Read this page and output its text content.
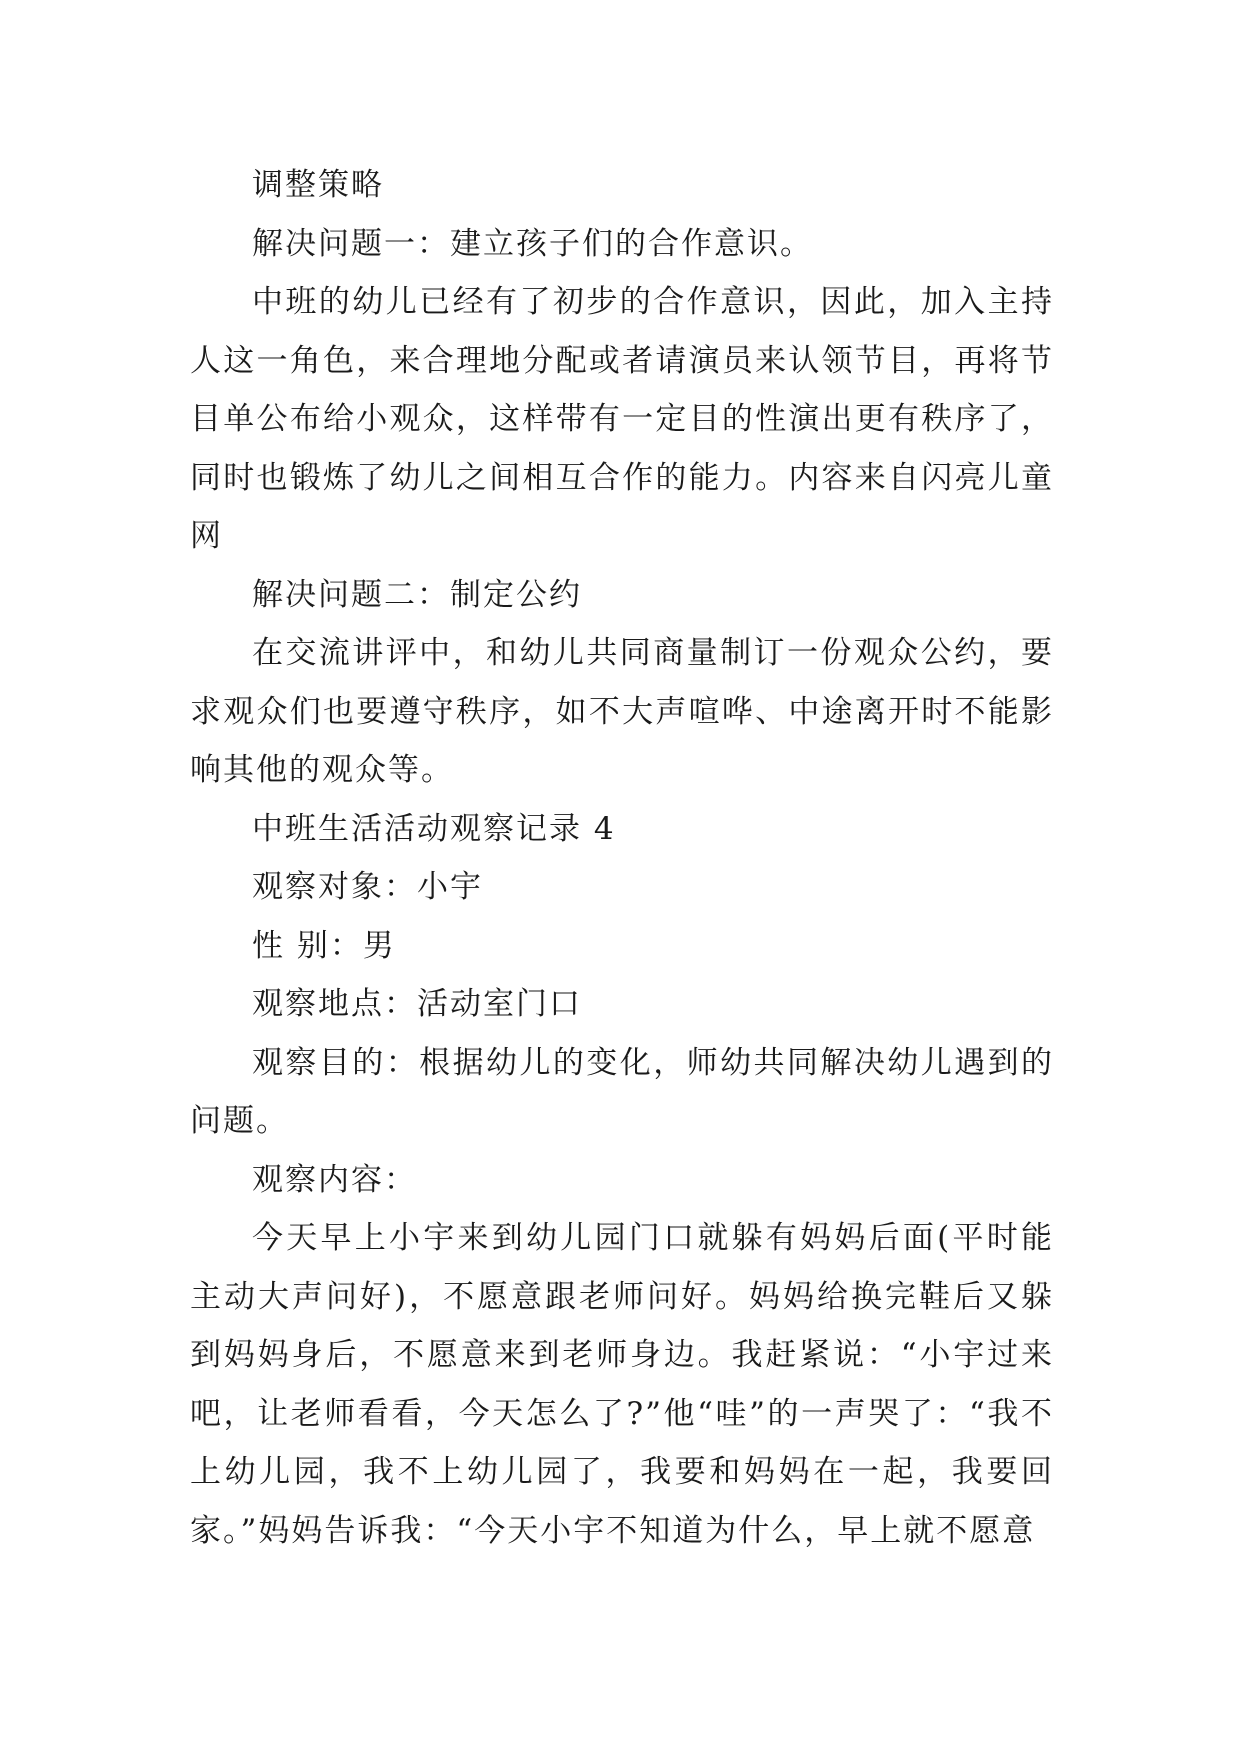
调整策略

解决问题一：建立孩子们的合作意识。

中班的幼儿已经有了初步的合作意识，因此，加入主持人这一角色，来合理地分配或者请演员来认领节目，再将节目单公布给小观众，这样带有一定目的性演出更有秩序了，同时也锻炼了幼儿之间相互合作的能力。内容来自闪亮儿童网

解决问题二：制定公约

在交流讲评中，和幼儿共同商量制订一份观众公约，要求观众们也要遵守秩序，如不大声喧哗、中途离开时不能影响其他的观众等。

中班生活活动观察记录 4

观察对象：小宇

性 别：男

观察地点：活动室门口

观察目的：根据幼儿的变化，师幼共同解决幼儿遇到的问题。

观察内容：

今天早上小宇来到幼儿园门口就躲有妈妈后面(平时能主动大声问好)，不愿意跟老师问好。妈妈给换完鞋后又躲到妈妈身后，不愿意来到老师身边。我赶紧说：“小宇过来吧，让老师看看，今天怎么了?”他“哇”的一声哭了：“我不上幼儿园，我不上幼儿园了，我要和妈妈在一起，我要回家。”妈妈告诉我：“今天小宇不知道为什么，早上就不愿意
